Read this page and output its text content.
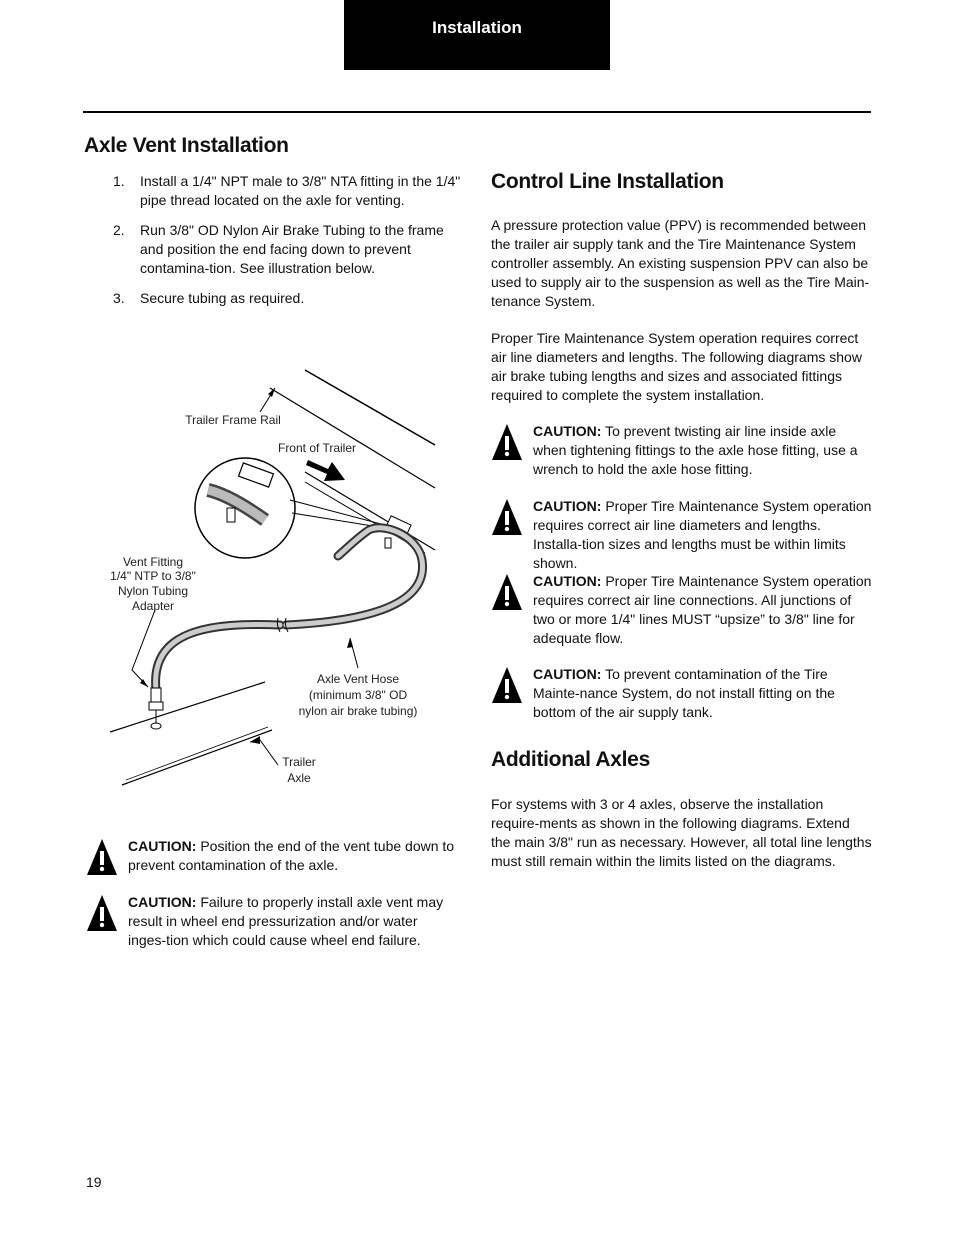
Installation
Axle Vent Installation
1.	Install a 1/4" NPT male to 3/8" NTA fitting in the 1/4" pipe thread located on the axle for venting.
2.	Run 3/8" OD Nylon Air Brake Tubing to the frame and position the end facing down to prevent contamina-tion. See illustration below.
3.	Secure tubing as required.
Trailer Frame Rail
Front of Trailer
Vent Fitting
1/4" NTP to 3/8"
Nylon Tubing
Adapter
Axle Vent Hose
(minimum 3/8" OD
nylon air brake tubing)
Trailer
Axle

CAUTION: Position the end of the vent tube down to prevent contamination of the axle.

CAUTION: Failure to properly install axle vent may result in wheel end pressurization and/or water inges-tion which could cause wheel end failure.

Control Line Installation

A pressure protection value (PPV) is recommended between the trailer air supply tank and the Tire Maintenance System controller assembly. An existing suspension PPV can also be used to supply air to the suspension as well as the Tire Main-tenance System.

Proper Tire Maintenance System operation requires correct air line diameters and lengths. The following diagrams show air brake tubing lengths and sizes and associated fittings required to complete the system installation.

CAUTION: To prevent twisting air line inside axle when tightening fittings to the axle hose fitting, use a wrench to hold the axle hose fitting.

CAUTION: Proper Tire Maintenance System operation requires correct air line diameters and lengths. Installa-tion sizes and lengths must be within limits shown.

CAUTION: Proper Tire Maintenance System operation requires correct air line connections. All junctions of two or more 1/4" lines MUST “upsize” to 3/8" line for adequate flow.

CAUTION: To prevent contamination of the Tire Mainte-nance System, do not install fitting on the bottom of the air supply tank.

Additional Axles

For systems with 3 or 4 axles, observe the installation require-ments as shown in the following diagrams. Extend the main 3/8" run as necessary. However, all total line lengths must still remain within the limits listed on the diagrams.

19
